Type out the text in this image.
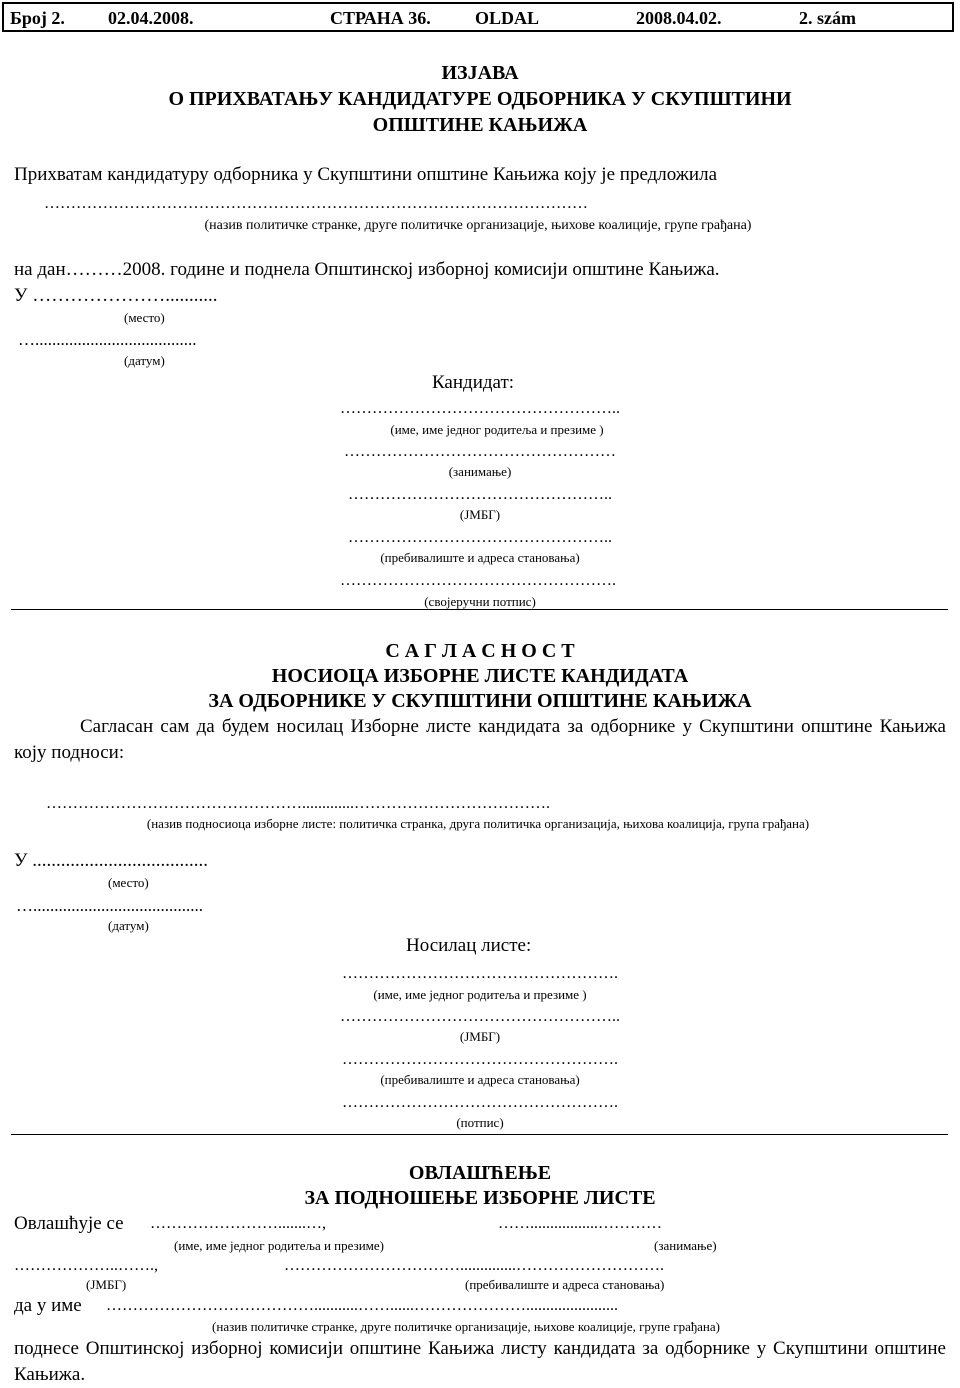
Број 2. 02.04.2008.	СТРАНА 36. OLDAL	2008.04.02.	2. szám
ИЗЈАВА
О ПРИХВАТАЊУ КАНДИДАТУРЕ ОДБОРНИКА У СКУПШТИНИ
ОПШТИНЕ КАЊИЖА
Прихватам кандидатуру одборника у Скупштини општине Кањижа коју је предложила
…………………………………………………………………………………………
(назив политичке странке, друге политичке организације, њихове коалиције, групе грађана)
на дан………2008. године и поднела Општинској изборној комисији општине Кањижа.
У …………………...........
(место)
…......................................
(датум)
Кандидат:
……………………………………………..
(име, име једног родитеља и презиме )
……………………………………………
(занимање)
…………………………………………..
(ЈМБГ)
…………………………………………..
(пребивалиште и адреса становања)
…………………………………………….
(својеручни потпис)
С А Г Л А С Н О С Т
НОСИОЦА ИЗБОРНЕ ЛИСТЕ КАНДИДАТА
ЗА ОДБОРНИКЕ У СКУПШТИНИ ОПШТИНЕ КАЊИЖА
Сагласан сам да будем носилац Изборне листе кандидата за одборнике у Скупштини општине Кањижа коју подноси:
………………………………………….............……………………………….
(назив подносиоца изборне листе: политичка странка, друга политичка организација, њихова коалиција, група грађана)
У .....................................
(место)
…........................................
(датум)
Носилац листе:
…………………………………………….
(име, име једног родитеља и презиме )
……………………………………………..
(ЈМБГ)
…………………………………………….
(пребивалиште и адреса становања)
…………………………………………….
(потпис)
ОВЛАШЋЕЊЕ
ЗА ПОДНОШЕЊЕ ИЗБОРНЕ ЛИСТЕ
Овлашћује се …………………….......…,	…….................…………
(име, име једног родитеља и презиме)	(занимање)
………………..…….,	……………………………..............……………………….
(ЈМБГ)	(пребивалиште и адреса становања)
да у име …………………………………...........……......………………….......................
(назив политичке странке, друге политичке организације, њихове коалиције, групе грађана)
поднесе Општинској изборној комисији општине Кањижа листу кандидата за одборнике у Скупштини општине Кањижа.
